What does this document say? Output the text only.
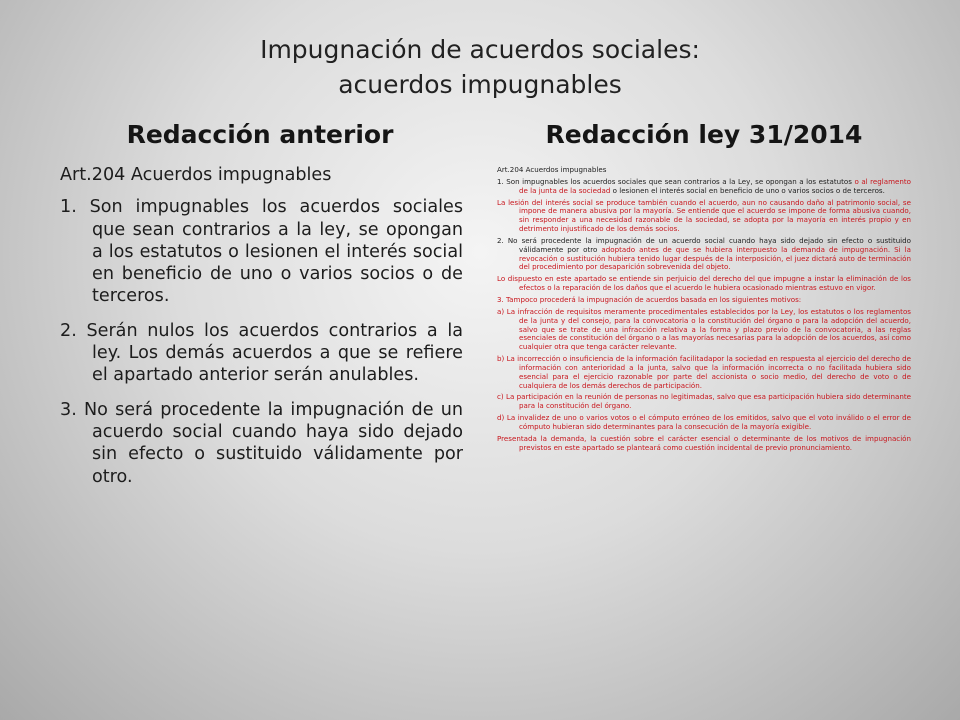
Impugnación de acuerdos sociales:
acuerdos impugnables
Redacción anterior	Redacción ley 31/2014
Art.204 Acuerdos impugnables
1. Son impugnables los acuerdos sociales que sean contrarios a la ley, se opongan a los estatutos o lesionen el interés social en beneficio de uno o varios socios o de terceros.
2. Serán nulos los acuerdos contrarios a la ley. Los demás acuerdos a que se refiere el apartado anterior serán anulables.
3. No será procedente la impugnación de un acuerdo social cuando haya sido dejado sin efecto o sustituido válidamente por otro.

Art.204 Acuerdos impugnables

1. Son impugnables los acuerdos sociales que sean contrarios a la Ley, se opongan a los estatutos o al reglamento de la junta de la sociedad o lesionen el interés social en beneficio de uno o varios socios o de terceros.

La lesión del interés social se produce también cuando el acuerdo, aun no causando daño al patrimonio social, se impone de manera abusiva por la mayoría. Se entiende que el acuerdo se impone de forma abusiva cuando, sin responder a una necesidad razonable de la sociedad, se adopta por la mayoría en interés propio y en detrimento injustificado de los demás socios.

2. No será procedente la impugnación de un acuerdo social cuando haya sido dejado sin efecto o sustituido válidamente por otro adoptado antes de que se hubiera interpuesto la demanda de impugnación. Si la revocación o sustitución hubiera tenido lugar después de la interposición, el juez dictará auto de terminación del procedimiento por desaparición sobrevenida del objeto.

Lo dispuesto en este apartado se entiende sin perjuicio del derecho del que impugne a instar la eliminación de los efectos o la reparación de los daños que el acuerdo le hubiera ocasionado mientras estuvo en vigor.

3. Tampoco procederá la impugnación de acuerdos basada en los siguientes motivos:

a) La infracción de requisitos meramente procedimentales establecidos por la Ley, los estatutos o los reglamentos de la junta y del consejo, para la convocatoria o la constitución del órgano o para la adopción del acuerdo, salvo que se trate de una infracción relativa a la forma y plazo previo de la convocatoria, a las reglas esenciales de constitución del órgano o a las mayorías necesarias para la adopción de los acuerdos, así como cualquier otra que tenga carácter relevante.

b) La incorrección o insuficiencia de la información facilitadapor la sociedad en respuesta al ejercicio del derecho de información con anterioridad a la junta, salvo que la información incorrecta o no facilitada hubiera sido esencial para el ejercicio razonable por parte del accionista o socio medio, del derecho de voto o de cualquiera de los demás derechos de participación.

c) La participación en la reunión de personas no legitimadas, salvo que esa participación hubiera sido determinante para la constitución del órgano.

d) La invalidez de uno o varios votos o el cómputo erróneo de los emitidos, salvo que el voto inválido o el error de cómputo hubieran sido determinantes para la consecución de la mayoría exigible.

Presentada la demanda, la cuestión sobre el carácter esencial o determinante de los motivos de impugnación previstos en este apartado se planteará como cuestión incidental de previo pronunciamiento.
